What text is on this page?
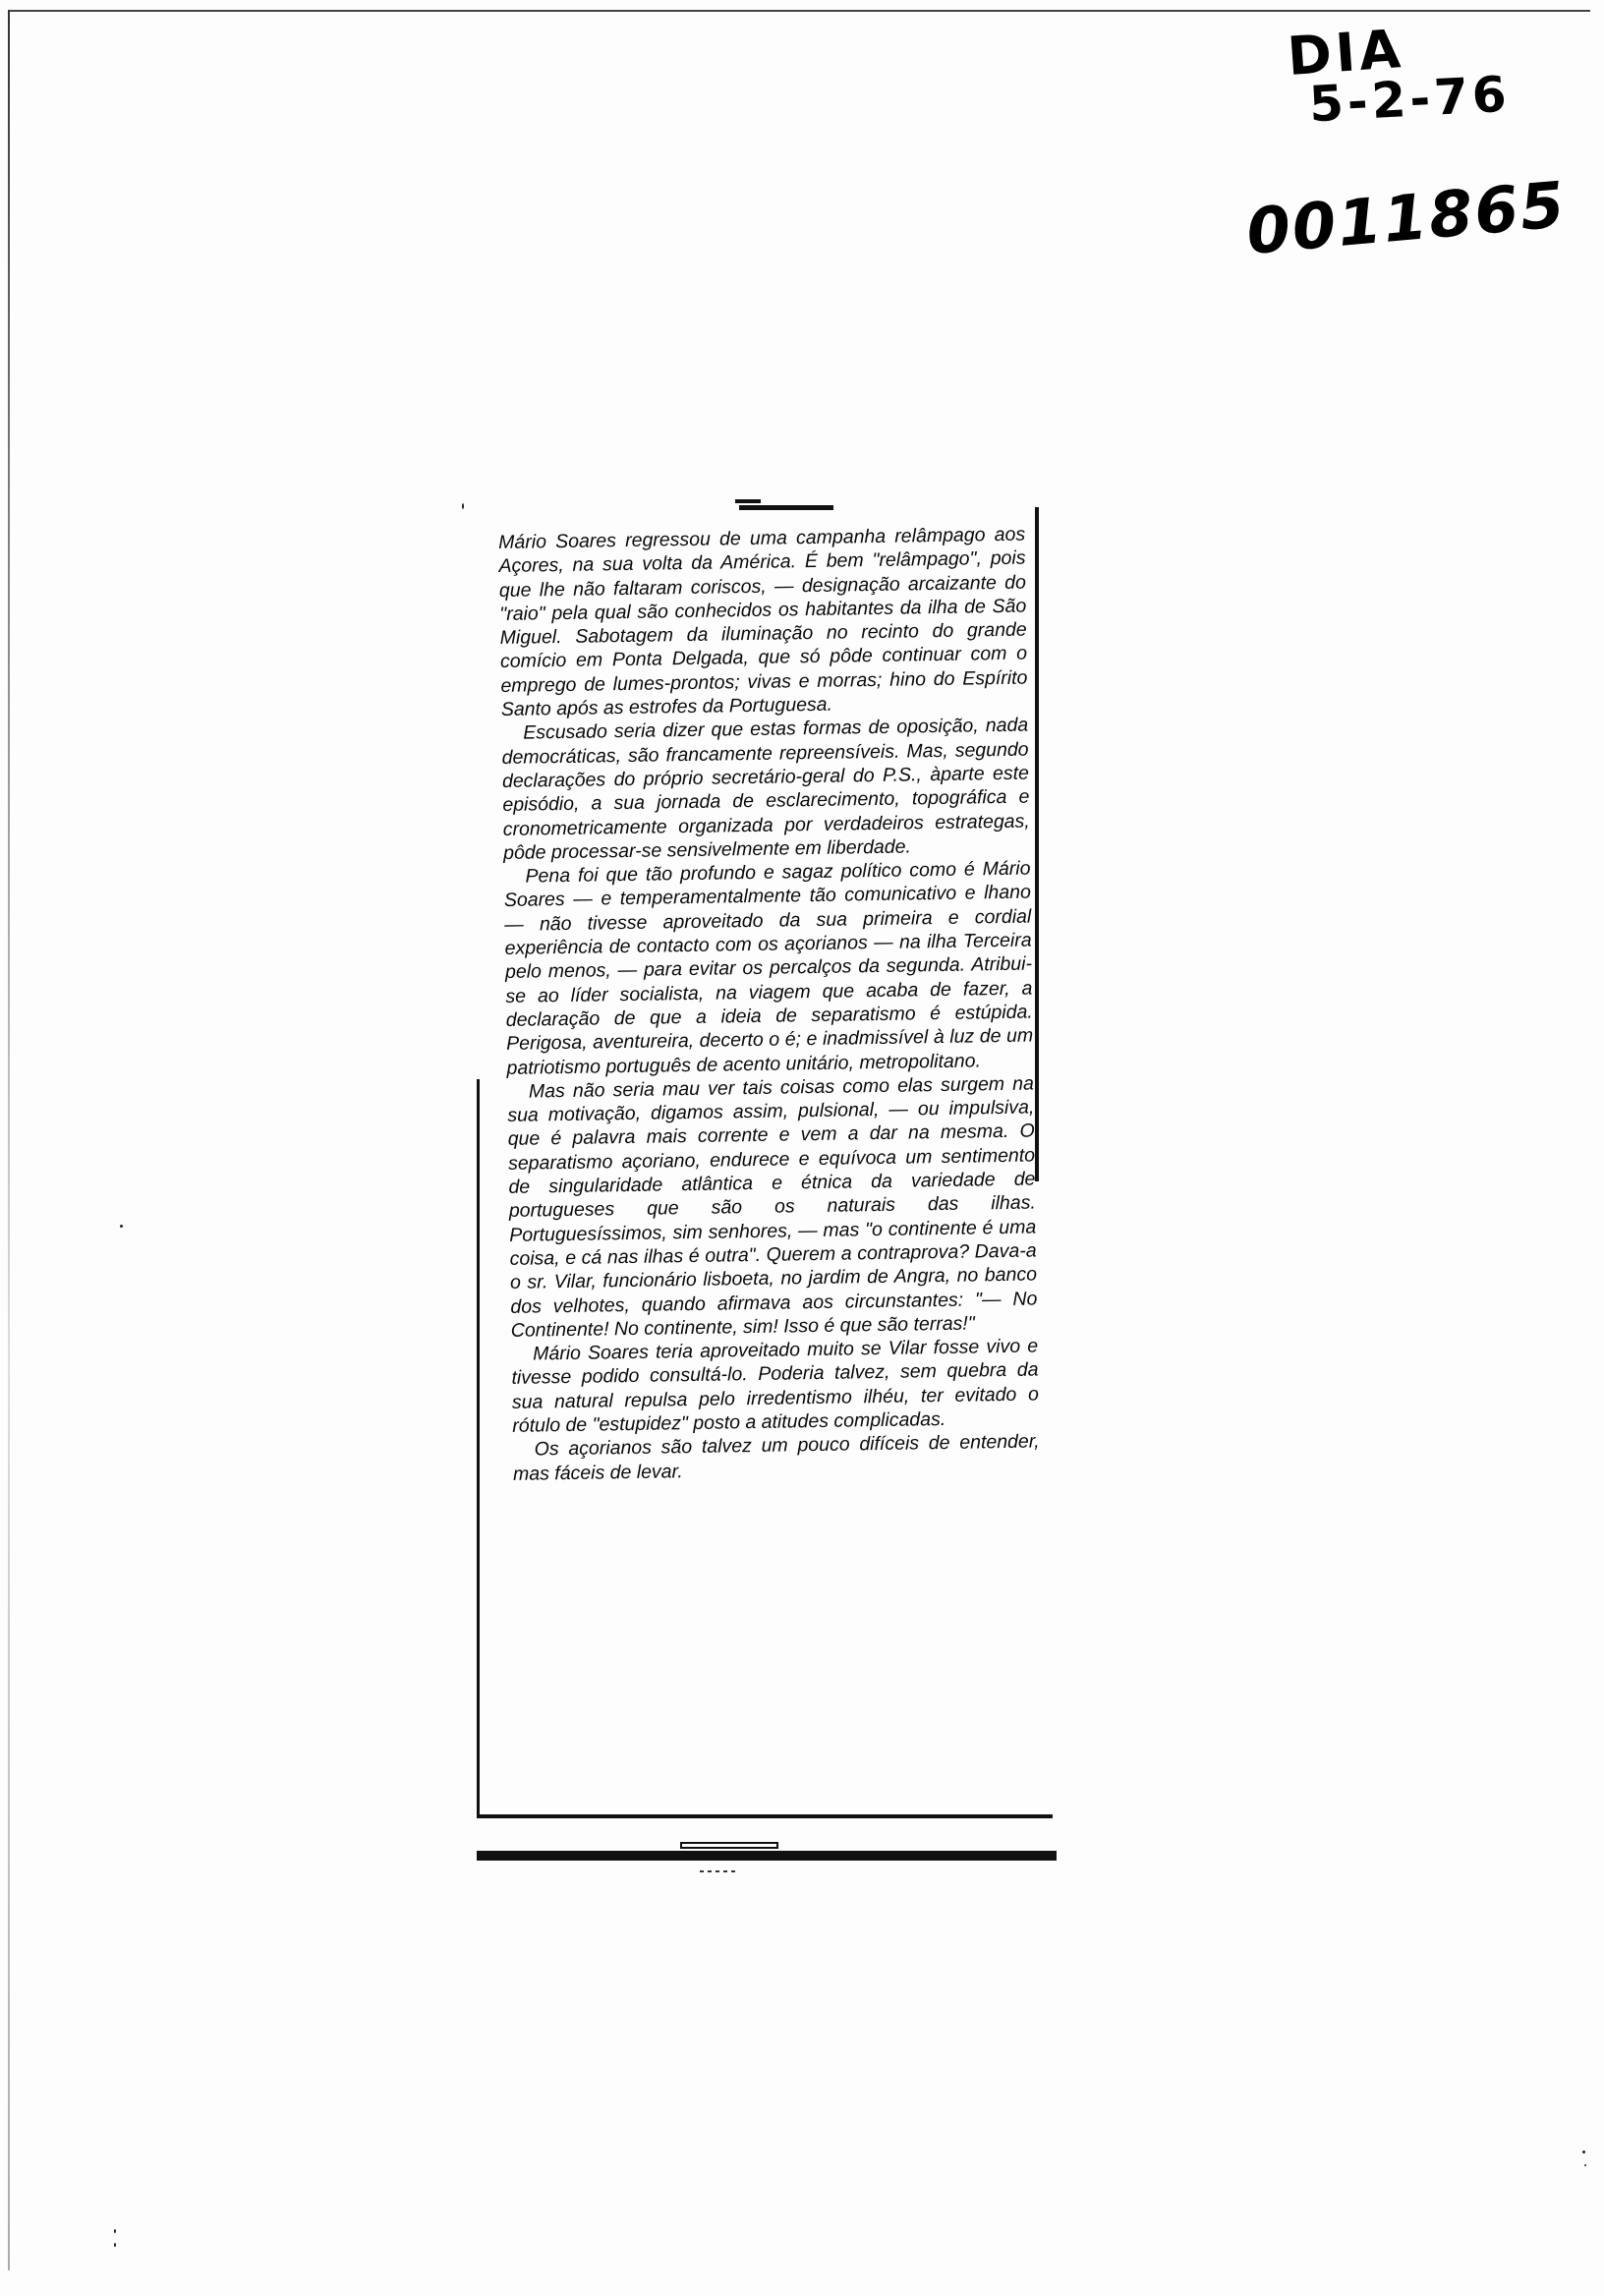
DIA
5-2-76
0011865

Mário Soares regressou de uma campanha relâmpago aos Açores, na sua volta da América. É bem "relâmpago", pois que lhe não faltaram coriscos, — designação arcaizante do "raio" pela qual são conhecidos os habitantes da ilha de São Miguel. Sabotagem da iluminação no recinto do grande comício em Ponta Delgada, que só pôde continuar com o emprego de lumes-prontos; vivas e morras; hino do Espírito Santo após as estrofes da Portuguesa.

Escusado seria dizer que estas formas de oposição, nada democráticas, são francamente repreensíveis. Mas, segundo declarações do próprio secretário-geral do P.S., àparte este episódio, a sua jornada de esclarecimento, topográfica e cronometricamente organizada por verdadeiros estrategas, pôde processar-se sensivelmente em liberdade.

Pena foi que tão profundo e sagaz político como é Mário Soares — e temperamentalmente tão comunicativo e lhano — não tivesse aproveitado da sua primeira e cordial experiência de contacto com os açorianos — na ilha Terceira pelo menos, — para evitar os percalços da segunda. Atribui-se ao líder socialista, na viagem que acaba de fazer, a declaração de que a ideia de separatismo é estúpida. Perigosa, aventureira, decerto o é; e inadmissível à luz de um patriotismo português de acento unitário, metropolitano.

Mas não seria mau ver tais coisas como elas surgem na sua motivação, digamos assim, pulsional, — ou impulsiva, que é palavra mais corrente e vem a dar na mesma. O separatismo açoriano, endurece e equívoca um sentimento de singularidade atlântica e étnica da variedade de portugueses que são os naturais das ilhas. Portuguesíssimos, sim senhores, — mas "o continente é uma coisa, e cá nas ilhas é outra". Querem a contraprova? Dava-a o sr. Vilar, funcionário lisboeta, no jardim de Angra, no banco dos velhotes, quando afirmava aos circunstantes: "— No Continente! No continente, sim! Isso é que são terras!"

Mário Soares teria aproveitado muito se Vilar fosse vivo e tivesse podido consultá-lo. Poderia talvez, sem quebra da sua natural repulsa pelo irredentismo ilhéu, ter evitado o rótulo de "estupidez" posto a atitudes complicadas.

Os açorianos são talvez um pouco difíceis de entender, mas fáceis de levar.
